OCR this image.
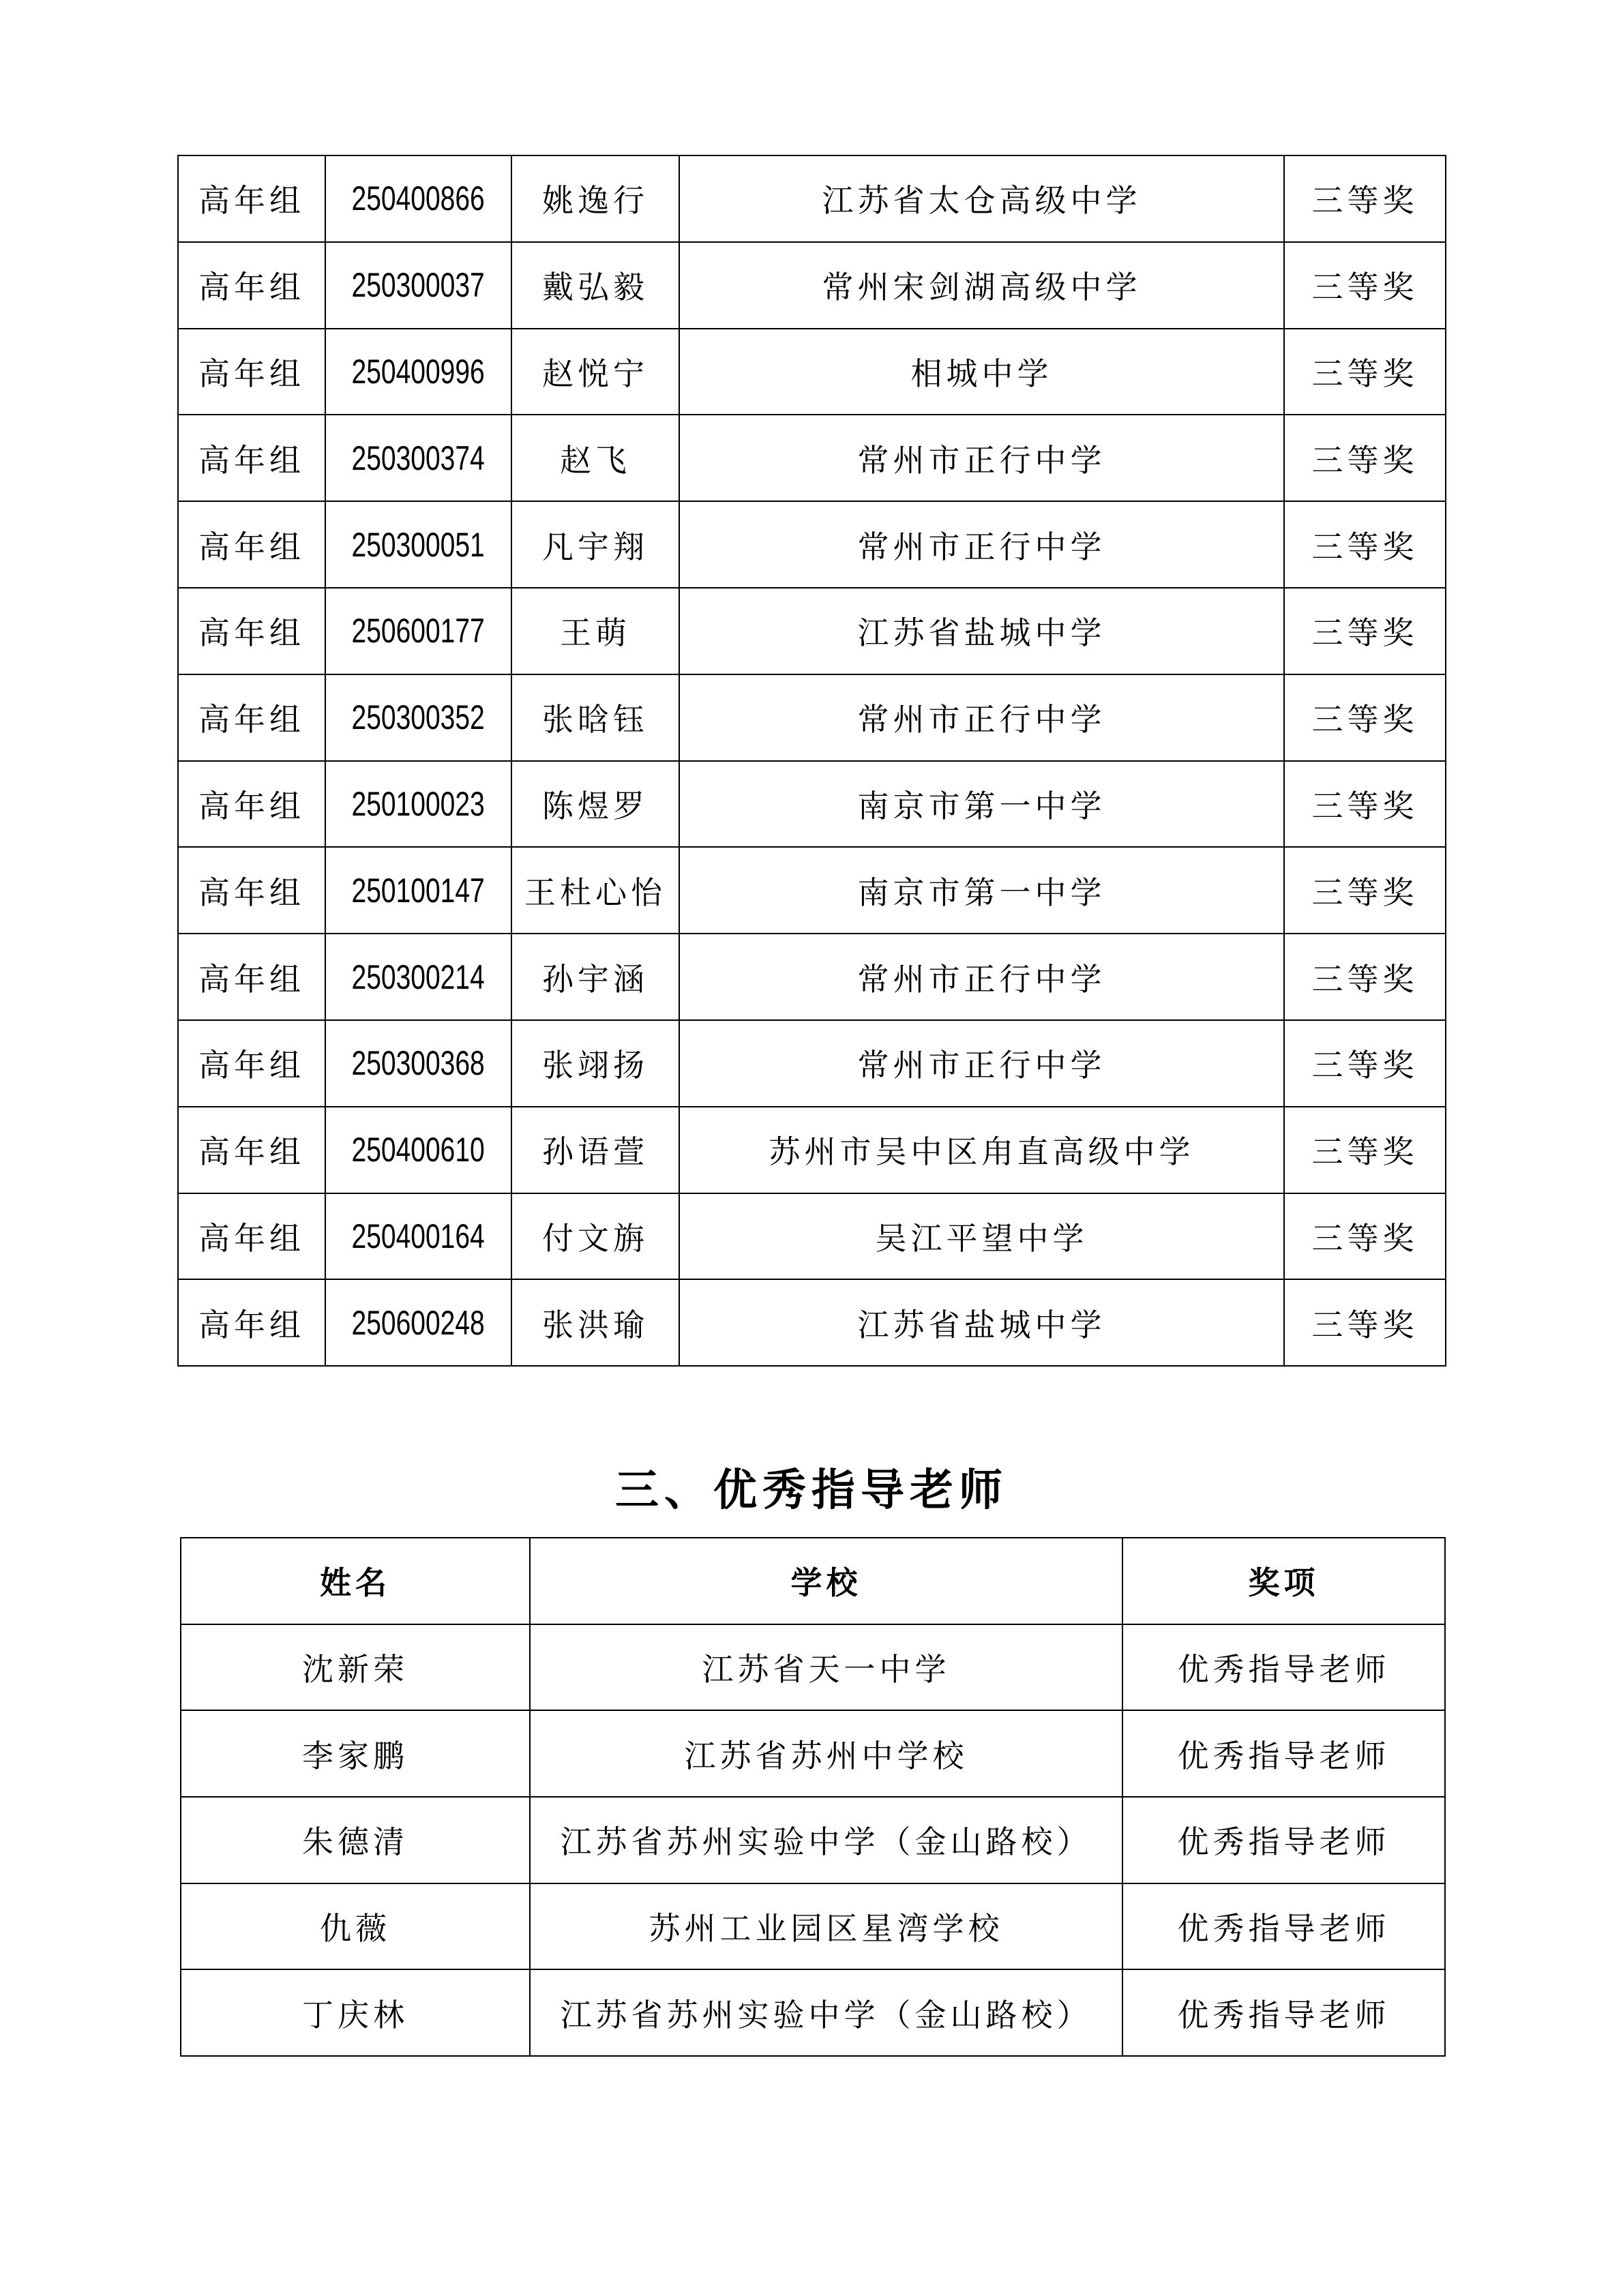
高年组	250400866	姚逸行	江苏省太仓高级中学	三等奖
高年组	250300037	戴弘毅	常州宋剑湖高级中学	三等奖
高年组	250400996	赵悦宁	相城中学	三等奖
高年组	250300374	赵飞	常州市正行中学	三等奖
高年组	250300051	凡宇翔	常州市正行中学	三等奖
高年组	250600177	王萌	江苏省盐城中学	三等奖
高年组	250300352	张晗钰	常州市正行中学	三等奖
高年组	250100023	陈煜罗	南京市第一中学	三等奖
高年组	250100147	王杜心怡	南京市第一中学	三等奖
高年组	250300214	孙宇涵	常州市正行中学	三等奖
高年组	250300368	张翊扬	常州市正行中学	三等奖
高年组	250400610	孙语萱	苏州市吴中区甪直高级中学	三等奖
高年组	250400164	付文旃	吴江平望中学	三等奖
高年组	250600248	张洪瑜	江苏省盐城中学	三等奖
三、优秀指导老师
姓名	学校	奖项
沈新荣	江苏省天一中学	优秀指导老师
李家鹏	江苏省苏州中学校	优秀指导老师
朱德清	江苏省苏州实验中学（金山路校）	优秀指导老师
仇薇	苏州工业园区星湾学校	优秀指导老师
丁庆林	江苏省苏州实验中学（金山路校）	优秀指导老师
